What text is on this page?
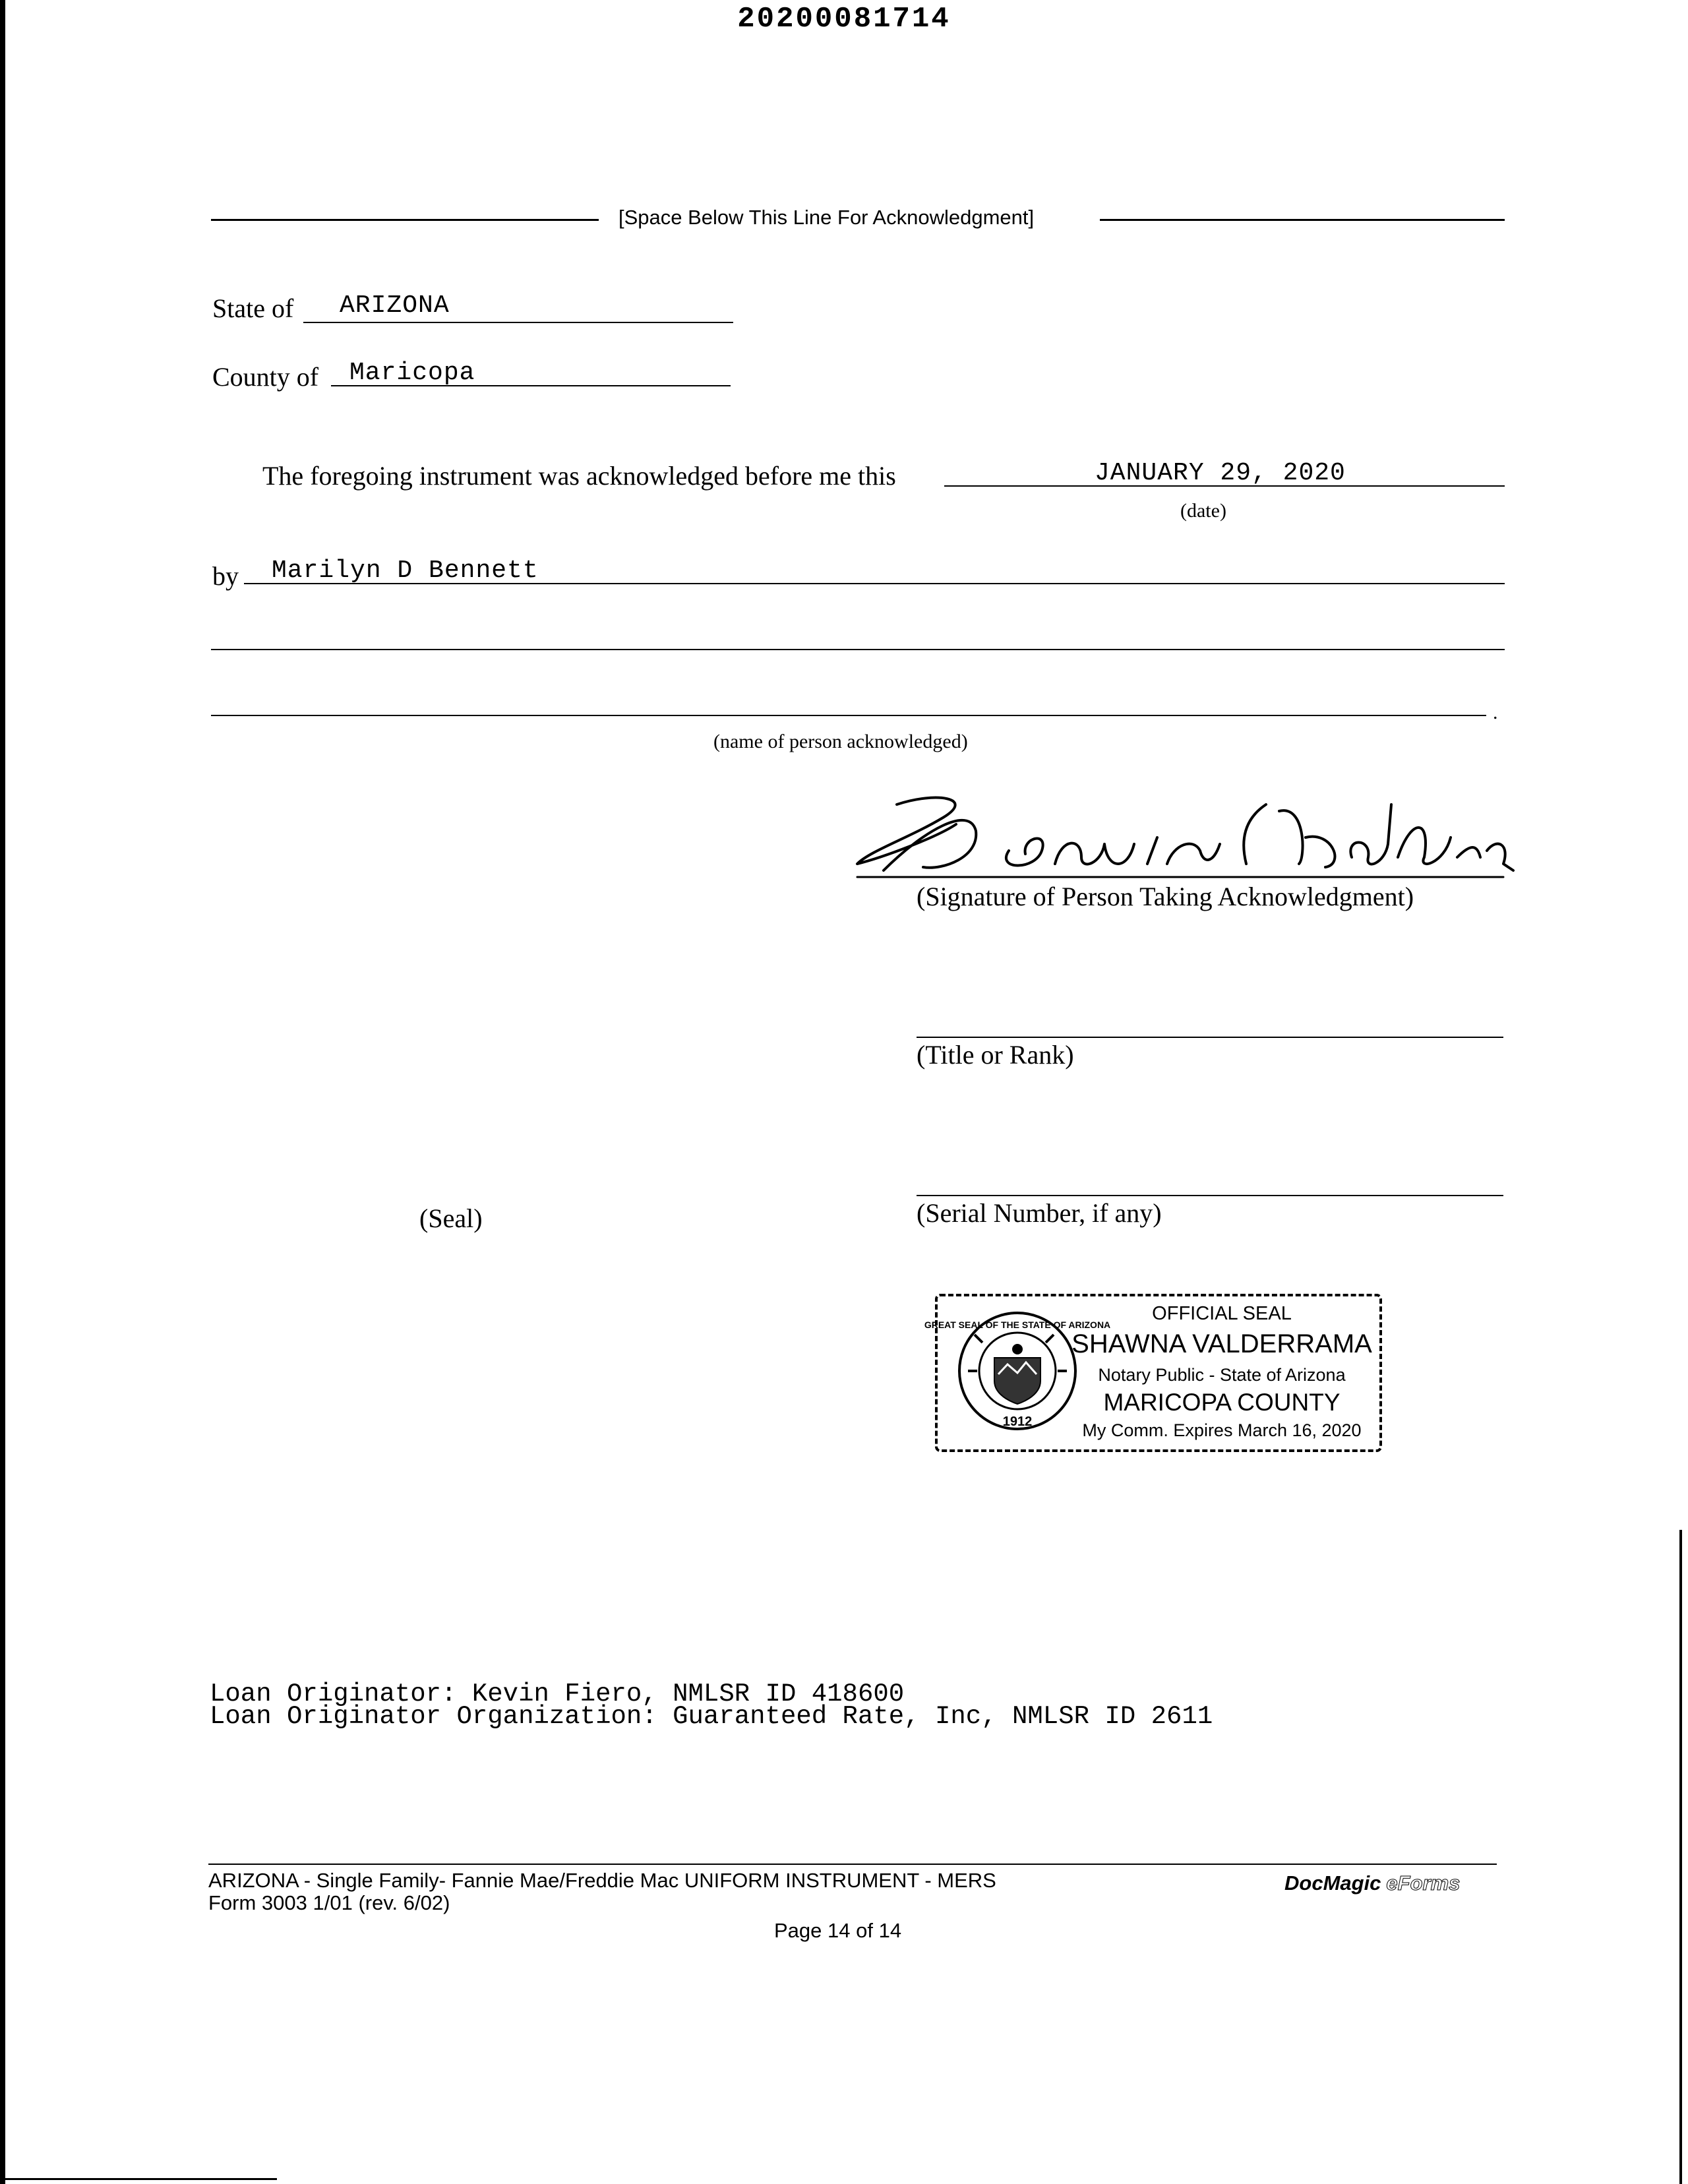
20200081714
[Space Below This Line For Acknowledgment]
State of ARIZONA
County of Maricopa
The foregoing instrument was acknowledged before me this	JANUARY 29, 2020
(date)
by Marilyn D Bennett
.
(name of person acknowledged)
(Signature of Person Taking Acknowledgment)
(Title or Rank)
(Serial Number, if any)
(Seal)
1912
GREAT SEAL OF THE STATE OF ARIZONA
OFFICIAL SEAL
SHAWNA VALDERRAMA
Notary Public - State of Arizona
MARICOPA COUNTY
My Comm. Expires March 16, 2020
Loan Originator: Kevin Fiero, NMLSR ID 418600
Loan Originator Organization: Guaranteed Rate, Inc, NMLSR ID 2611
ARIZONA - Single Family- Fannie Mae/Freddie Mac UNIFORM INSTRUMENT - MERS
Form 3003 1/01 (rev. 6/02)
Page 14 of 14
DocMagic eForms
